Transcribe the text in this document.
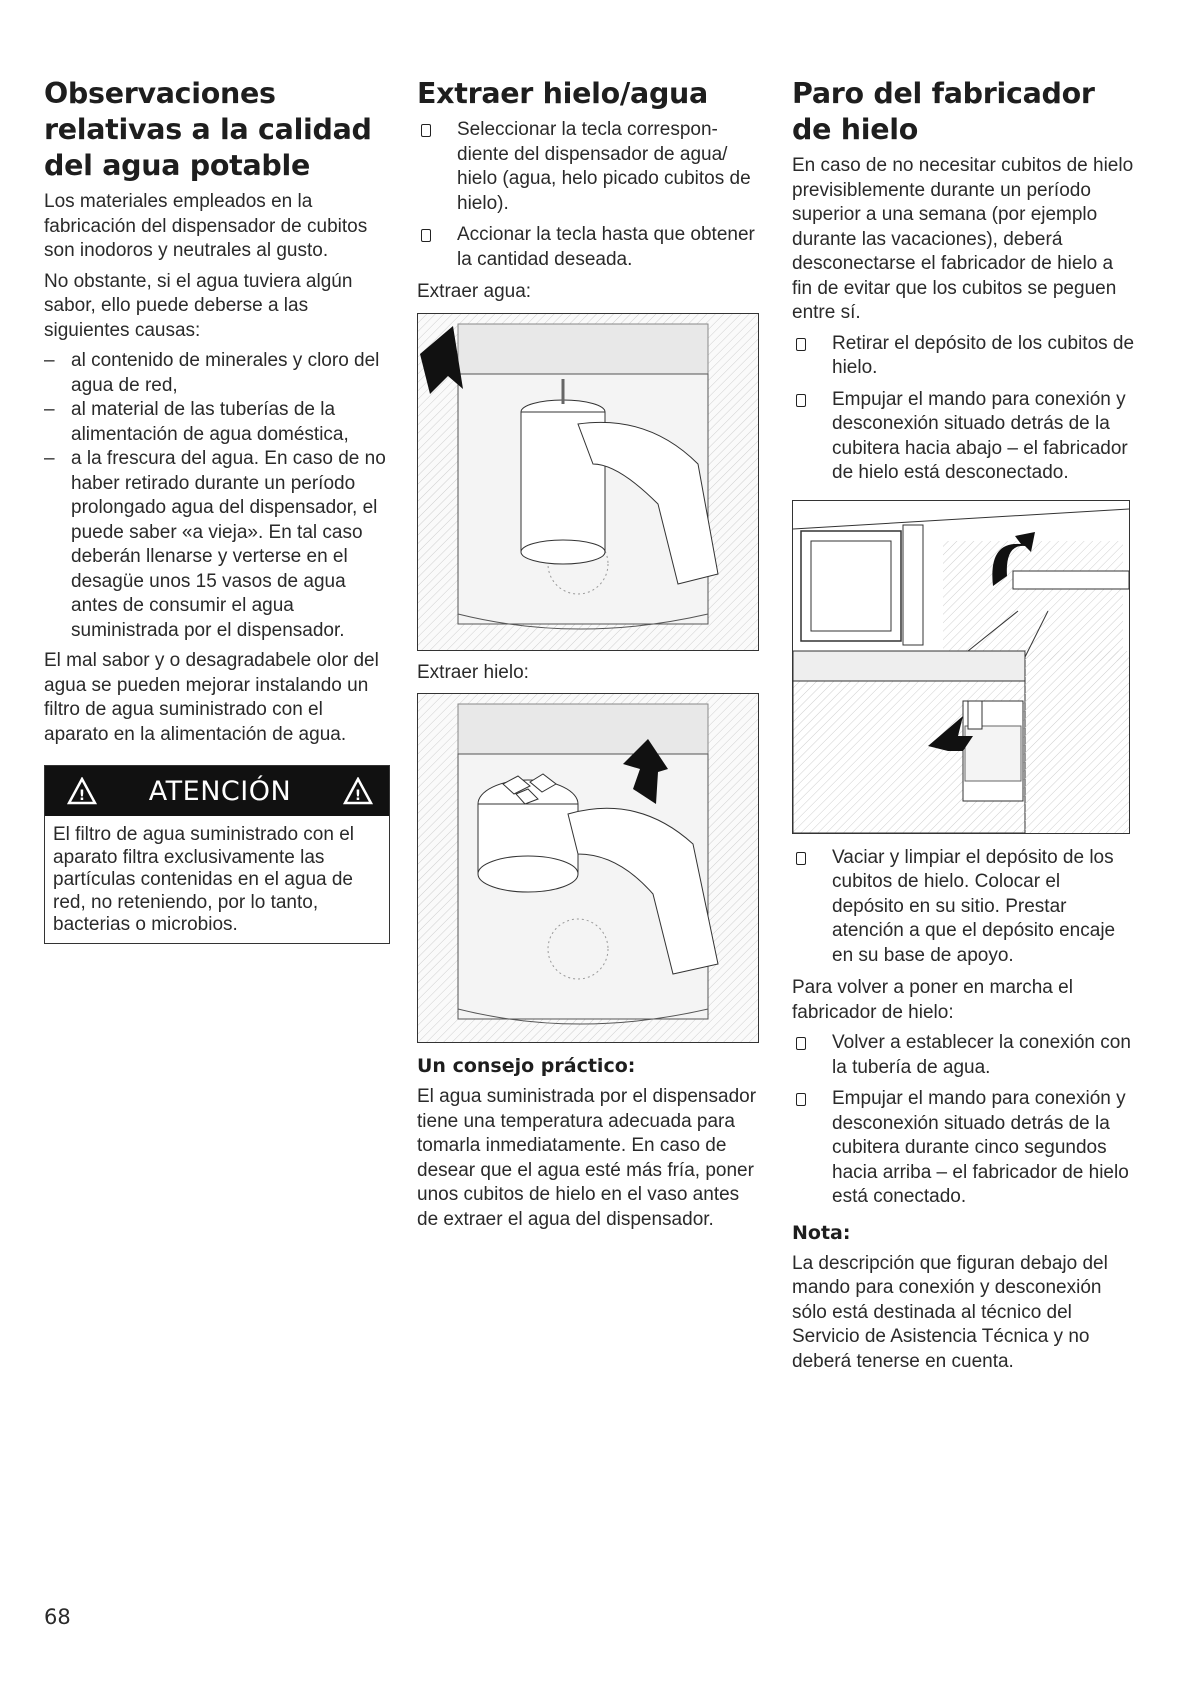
Observaciones relativas a la calidad del agua potable

Los materiales empleados en la fabricación del dispensador de cubitos son inodoros y neutrales al gusto.

No obstante, si el agua tuviera algún sabor, ello puede deberse a las siguientes causas:

– al contenido de minerales y cloro del agua de red,
– al material de las tuberías de la alimentación de agua doméstica,
– a la frescura del agua. En caso de no haber retirado durante un período prolongado agua del dispensador, el puede saber «a vieja». En tal caso deberán llenarse y verterse en el desagüe unos 15 vasos de agua antes de consumir el agua suministrada por el dispensador.

El mal sabor y o desagradabele olor del agua se pueden mejorar instalando un filtro de agua suministrado con el aparato en la alimentación de agua.

! ATENCIÓN	!

El filtro de agua suministrado con el aparato filtra exclusivamente las partículas contenidas en el agua de red, no reteniendo, por lo tanto, bacterias o microbios.

Extraer hielo/agua
Seleccionar la tecla correspondiente del dispensador de agua/ hielo (agua, helo picado cubitos de hielo).
Accionar la tecla hasta que obtener la cantidad deseada.
Extraer agua:
Extraer hielo:
Un consejo práctico:

El agua suministrada por el dispensador tiene una temperatura adecuada para tomarla inmediatamente. En caso de desear que el agua esté más fría, poner unos cubitos de hielo en el vaso antes de extraer el agua del dispensador.

Paro del fabricador de hielo

En caso de no necesitar cubitos de hielo previsiblemente durante un período superior a una semana (por ejemplo durante las vacaciones), deberá desconectarse el fabricador de hielo a fin de evitar que los cubitos se peguen entre sí.

Retirar el depósito de los cubitos de hielo.
Empujar el mando para conexión y desconexión situado detrás de la cubitera hacia abajo – el fabricador de hielo está desconectado.
Vaciar y limpiar el depósito de los cubitos de hielo. Colocar el depósito en su sitio. Prestar atención a que el depósito encaje en su base de apoyo.

Para volver a poner en marcha el fabricador de hielo:

Volver a establecer la conexión con la tubería de agua.
Empujar el mando para conexión y desconexión situado detrás de la cubitera durante cinco segundos hacia arriba – el fabricador de hielo está conectado.
Nota:

La descripción que figuran debajo del mando para conexión y desconexión sólo está destinada al técnico del Servicio de Asistencia Técnica y no deberá tenerse en cuenta.

68
